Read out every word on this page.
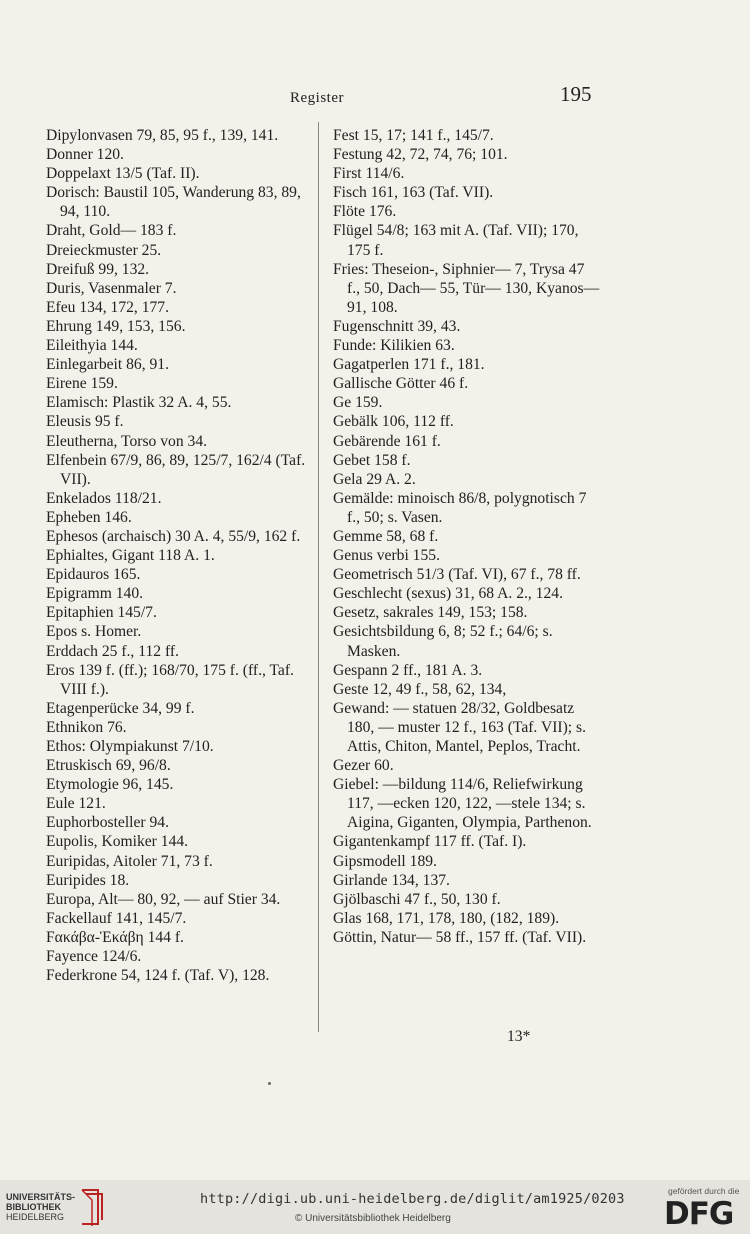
Register	195
Dipylonvasen 79, 85, 95 f., 139, 141.
Donner 120.
Doppelaxt 13/5 (Taf. II).
Dorisch: Baustil 105, Wanderung 83, 89, 94, 110.
Draht, Gold— 183 f.
Dreieckmuster 25.
Dreifuß 99, 132.
Duris, Vasenmaler 7.
Efeu 134, 172, 177.
Ehrung 149, 153, 156.
Eileithyia 144.
Einlegarbeit 86, 91.
Eirene 159.
Elamisch: Plastik 32 A. 4, 55.
Eleusis 95 f.
Eleutherna, Torso von 34.
Elfenbein 67/9, 86, 89, 125/7, 162/4 (Taf. VII).
Enkelados 118/21.
Epheben 146.
Ephesos (archaisch) 30 A. 4, 55/9, 162 f.
Ephialtes, Gigant 118 A. 1.
Epidauros 165.
Epigramm 140.
Epitaphien 145/7.
Epos s. Homer.
Erddach 25 f., 112 ff.
Eros 139 f. (ff.); 168/70, 175 f. (ff., Taf. VIII f.).
Etagenperücke 34, 99 f.
Ethnikon 76.
Ethos: Olympiakunst 7/10.
Etruskisch 69, 96/8.
Etymologie 96, 145.
Eule 121.
Euphorbosteller 94.
Eupolis, Komiker 144.
Euripidas, Aitoler 71, 73 f.
Euripides 18.
Europa, Alt— 80, 92, — auf Stier 34.
Fackellauf 141, 145/7.
Ϝακάβα-Ἑκάβη 144 f.
Fayence 124/6.
Federkrone 54, 124 f. (Taf. V), 128.
Fest 15, 17; 141 f., 145/7.
Festung 42, 72, 74, 76; 101.
First 114/6.
Fisch 161, 163 (Taf. VII).
Flöte 176.
Flügel 54/8; 163 mit A. (Taf. VII); 170, 175 f.
Fries: Theseion-, Siphnier— 7, Trysa 47 f., 50, Dach— 55, Tür— 130, Kyanos— 91, 108.
Fugenschnitt 39, 43.
Funde: Kilikien 63.
Gagatperlen 171 f., 181.
Gallische Götter 46 f.
Ge 159.
Gebälk 106, 112 ff.
Gebärende 161 f.
Gebet 158 f.
Gela 29 A. 2.
Gemälde: minoisch 86/8, polygnotisch 7 f., 50; s. Vasen.
Gemme 58, 68 f.
Genus verbi 155.
Geometrisch 51/3 (Taf. VI), 67 f., 78 ff.
Geschlecht (sexus) 31, 68 A. 2., 124.
Gesetz, sakrales 149, 153; 158.
Gesichtsbildung 6, 8; 52 f.; 64/6; s. Masken.
Gespann 2 ff., 181 A. 3.
Geste 12, 49 f., 58, 62, 134,
Gewand: — statuen 28/32, Goldbesatz 180, — muster 12 f., 163 (Taf. VII); s. Attis, Chiton, Mantel, Peplos, Tracht.
Gezer 60.
Giebel: —bildung 114/6, Reliefwirkung 117, —ecken 120, 122, —stele 134; s. Aigina, Giganten, Olympia, Parthenon.
Gigantenkampf 117 ff. (Taf. I).
Gipsmodell 189.
Girlande 134, 137.
Gjölbaschi 47 f., 50, 130 f.
Glas 168, 171, 178, 180, (182, 189).
Göttin, Natur— 58 ff., 157 ff. (Taf. VII).
13*
UNIVERSITÄTS-
BIBLIOTHEK
HEIDELBERG
http://digi.ub.uni-heidelberg.de/diglit/am1925/0203
© Universitätsbibliothek Heidelberg
gefördert durch die
DFG
